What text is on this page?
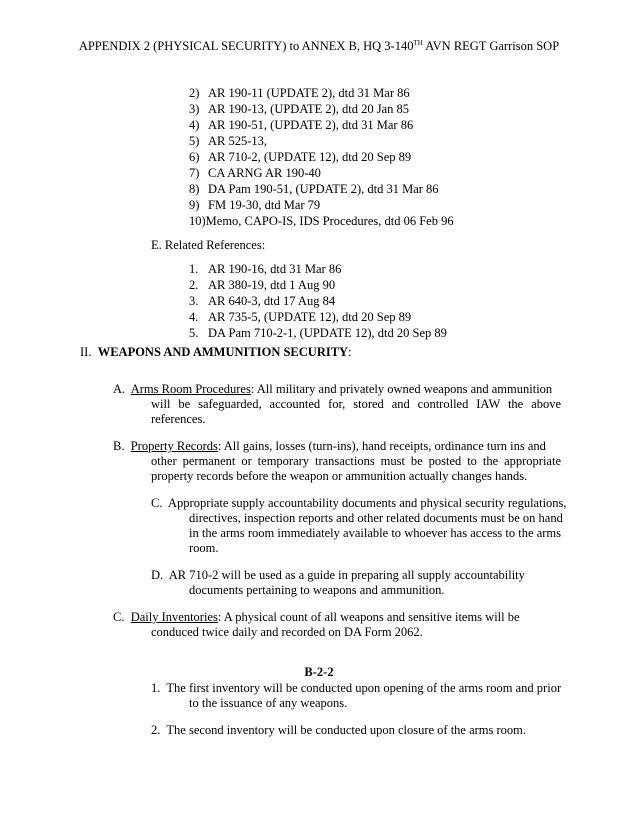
APPENDIX 2 (PHYSICAL SECURITY) to ANNEX B, HQ 3-140TH AVN REGT Garrison SOP
2) AR 190-11 (UPDATE 2), dtd 31 Mar 86
3) AR 190-13, (UPDATE 2), dtd 20 Jan 85
4) AR 190-51, (UPDATE 2), dtd 31 Mar 86
5) AR 525-13,
6) AR 710-2, (UPDATE 12), dtd 20 Sep 89
7) CA ARNG AR 190-40
8) DA Pam 190-51, (UPDATE 2), dtd 31 Mar 86
9) FM 19-30, dtd Mar 79
10)Memo, CAPO-IS, IDS Procedures, dtd 06 Feb 96
E. Related References:
1. AR 190-16, dtd 31 Mar 86
2. AR 380-19, dtd 1 Aug 90
3. AR 640-3, dtd 17 Aug 84
4. AR 735-5, (UPDATE 12), dtd 20 Sep 89
5. DA Pam 710-2-1, (UPDATE 12), dtd 20 Sep 89
II. WEAPONS AND AMMUNITION SECURITY:
A. Arms Room Procedures: All military and privately owned weapons and ammunition
will be safeguarded, accounted for, stored and controlled IAW the above
references.
B. Property Records: All gains, losses (turn-ins), hand receipts, ordinance turn ins and
other permanent or temporary transactions must be posted to the appropriate
property records before the weapon or ammunition actually changes hands.
C. Appropriate supply accountability documents and physical security regulations,
directives, inspection reports and other related documents must be on hand
in the arms room immediately available to whoever has access to the arms
room.
D. AR 710-2 will be used as a guide in preparing all supply accountability
documents pertaining to weapons and ammunition.
C. Daily Inventories: A physical count of all weapons and sensitive items will be
conduced twice daily and recorded on DA Form 2062.
B-2-2
1. The first inventory will be conducted upon opening of the arms room and prior
to the issuance of any weapons.
2. The second inventory will be conducted upon closure of the arms room.
